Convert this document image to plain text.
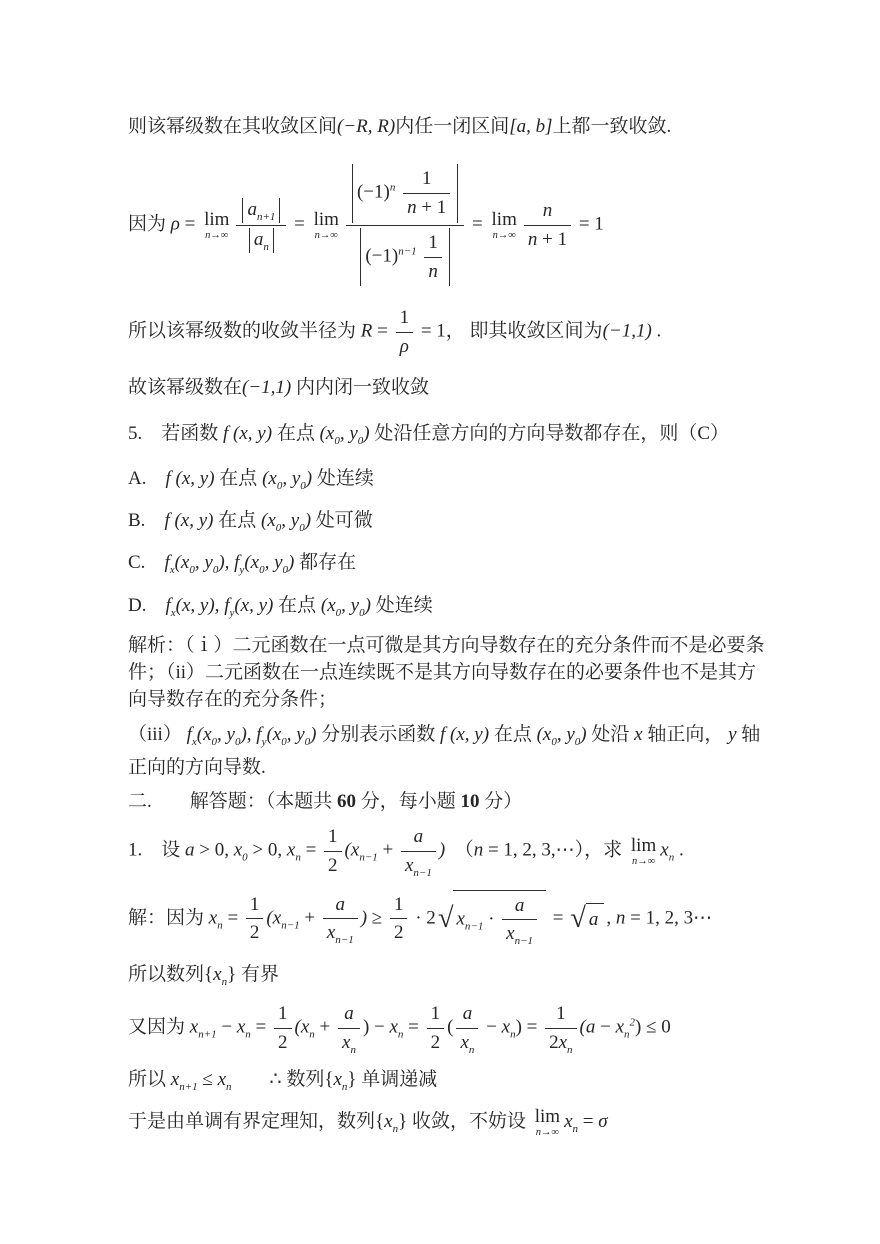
则该幂级数在其收敛区间(−R, R)内任一闭区间[a, b]上都一致收敛.
因为 ρ = lim
$n\to\infty \frac{a_{n+1}}{a_n} = \lim$
$n\to\infty \frac{(-1)^n \frac{1}{n + 1}}{(-1)^{n-1} \frac{1}{n}} = \lim$
$n\to\infty \frac{n}{n + 1} = 1$
所以该幂级数的收敛半径为 $R = \frac{1}{\rho} = 1$， 即其收敛区间为(−1,1) .
故该幂级数在(−1,1) 内内闭一致收敛
5.　若函数 f (x, y) 在点 ($x_0$, $y_0$) 处沿任意方向的方向导数都存在，则（C）
A.　f (x, y) 在点 ($x_0$, $y_0$) 处连续
B.　f (x, y) 在点 ($x_0$, $y_0$) 处可微
C.　$f_x(x_0$, $y_0$), $f_y(x_0$, $y_0$) 都存在
D.　$f_x(x$, y), $f_y(x$, y) 在点 ($x_0$, $y_0$) 处连续
解析：（ｉ）二元函数在一点可微是其方向导数存在的充分条件而不是必要条件；（ii）二元函数在一点连续既不是其方向导数存在的必要条件也不是其方向导数存在的充分条件；
（iii） $f_x(x_0$, $y_0$), $f_y(x_0$, $y_0$) 分别表示函数 f (x, y) 在点 ($x_0$, $y_0$) 处沿 x 轴正向， y 轴正向的方向导数.
二.　　解答题：（本题共 60 分，每小题 10 分）
1.　设 a > 0, $x_0 > 0$, $x_n = \frac{1}{2} (x_{n-1} + \frac{a}{x_{n-1}}$ )　（n = 1, 2, 3,⋯），求 lim
n→∞
$x_n$ .
解：因为 $x_n = \frac{1}{2} (x_{n-1} + \frac{a}{x_{n-1}}$ ) ≥ $\frac{1}{2} \cdot 2$ √ $x_{n-1} \cdot \frac{a}{x_{n-1}}$ = √ a , n = 1, 2, 3⋯
所以数列$\{x_n\}$ 有界
又因为 $x_{n+1} - x_n = \frac{1}{2} (x_n + \frac{a}{x_n}$ ) − $x_n = \frac{1}{2}$ ( $\frac{a}{x_n} - x_n) = \frac{1}{2x_n} (a - x_n^2) \le 0$
所以 $x_{n+1} \le x_n$　　∴ 数列$\{x_n\}$ 单调递减
于是由单调有界定理知，数列$\{x_n\}$ 收敛，不妨设 lim
n→∞
$x_n = \sigma$
